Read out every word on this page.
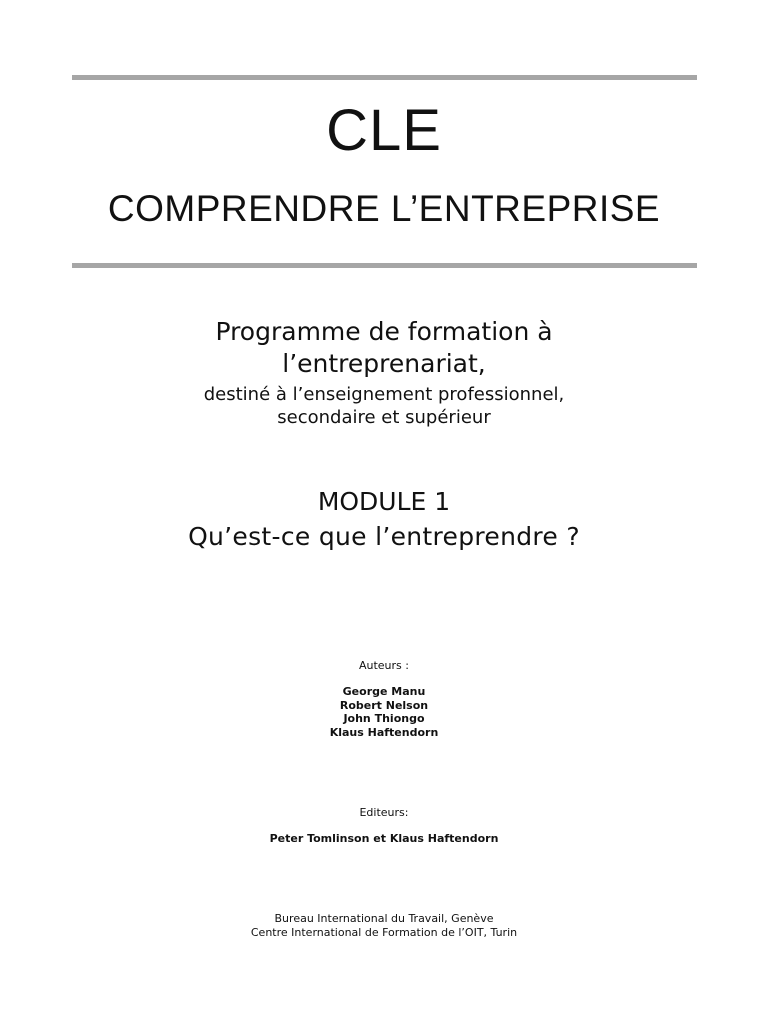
CLE
COMPRENDRE L’ENTREPRISE
Programme de formation à
l’entreprenariat,
destiné à l’enseignement professionnel,
secondaire et supérieur
MODULE 1
Qu’est-ce que l’entreprendre ?
Auteurs :
George Manu
Robert Nelson
John Thiongo
Klaus Haftendorn
Editeurs:
Peter Tomlinson et Klaus Haftendorn
Bureau International du Travail, Genève
Centre International de Formation de l’OIT, Turin
